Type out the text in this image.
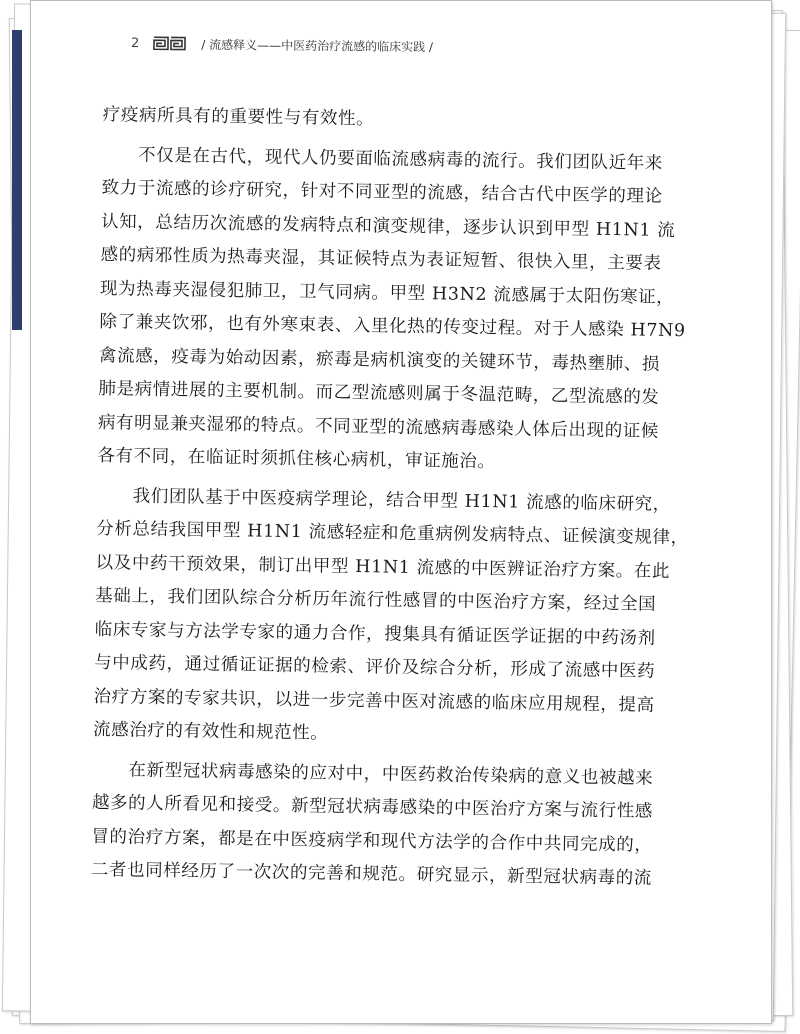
2	/ 流感释义——中医药治疗流感的临床实践 /
疗疫病所具有的重要性与有效性。
不仅是在古代，现代人仍要面临流感病毒的流行。我们团队近年来
致力于流感的诊疗研究，针对不同亚型的流感，结合古代中医学的理论
认知，总结历次流感的发病特点和演变规律，逐步认识到甲型 H1N1 流
感的病邪性质为热毒夹湿，其证候特点为表证短暂、很快入里，主要表
现为热毒夹湿侵犯肺卫，卫气同病。甲型 H3N2 流感属于太阳伤寒证，
除了兼夹饮邪，也有外寒束表、入里化热的传变过程。对于人感染 H7N9
禽流感，疫毒为始动因素，瘀毒是病机演变的关键环节，毒热壅肺、损
肺是病情进展的主要机制。而乙型流感则属于冬温范畴，乙型流感的发
病有明显兼夹湿邪的特点。不同亚型的流感病毒感染人体后出现的证候
各有不同，在临证时须抓住核心病机，审证施治。
我们团队基于中医疫病学理论，结合甲型 H1N1 流感的临床研究，
分析总结我国甲型 H1N1 流感轻症和危重病例发病特点、证候演变规律，
以及中药干预效果，制订出甲型 H1N1 流感的中医辨证治疗方案。在此
基础上，我们团队综合分析历年流行性感冒的中医治疗方案，经过全国
临床专家与方法学专家的通力合作，搜集具有循证医学证据的中药汤剂
与中成药，通过循证证据的检索、评价及综合分析，形成了流感中医药
治疗方案的专家共识，以进一步完善中医对流感的临床应用规程，提高
流感治疗的有效性和规范性。
在新型冠状病毒感染的应对中，中医药救治传染病的意义也被越来
越多的人所看见和接受。新型冠状病毒感染的中医治疗方案与流行性感
冒的治疗方案，都是在中医疫病学和现代方法学的合作中共同完成的，
二者也同样经历了一次次的完善和规范。研究显示，新型冠状病毒的流
